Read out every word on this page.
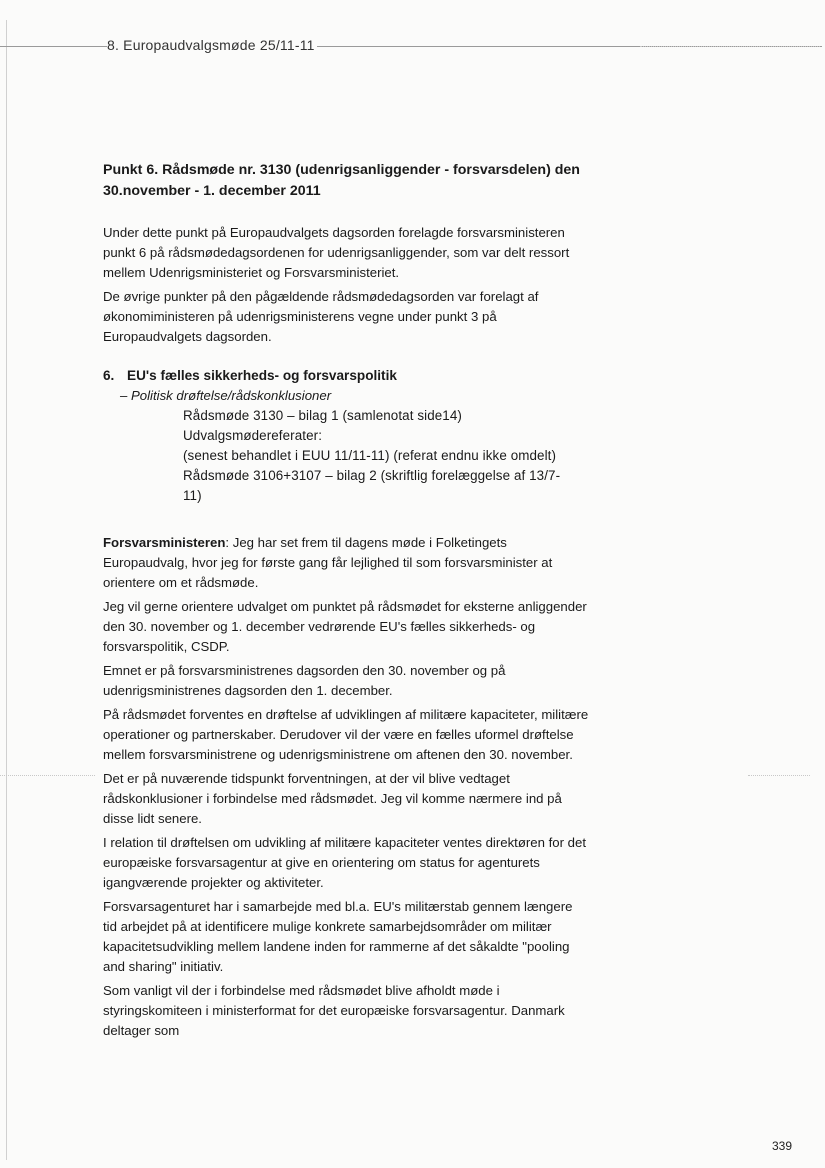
8. Europaudvalgsmøde 25/11-11
Punkt 6. Rådsmøde nr. 3130 (udenrigsanliggender - forsvarsdelen) den
30.november - 1. december 2011

Under dette punkt på Europaudvalgets dagsorden forelagde forsvarsministeren punkt 6 på rådsmødedagsordenen for udenrigsanliggender, som var delt ressort mellem Udenrigsministeriet og Forsvarsministeriet.

De øvrige punkter på den pågældende rådsmødedagsorden var forelagt af økonomiministeren på udenrigsministerens vegne under punkt 3 på Europaudvalgets dagsorden.

6. EU's fælles sikkerheds- og forsvarspolitik
– Politisk drøftelse/rådskonklusioner
Rådsmøde 3130 – bilag 1 (samlenotat side14)
Udvalgsmødereferater:
(senest behandlet i EUU 11/11-11) (referat endnu ikke omdelt)
Rådsmøde 3106+3107 – bilag 2 (skriftlig forelæggelse af 13/7-
11)

Forsvarsministeren: Jeg har set frem til dagens møde i Folketingets Europaudvalg, hvor jeg for første gang får lejlighed til som forsvarsminister at orientere om et rådsmøde.

Jeg vil gerne orientere udvalget om punktet på rådsmødet for eksterne anliggender den 30. november og 1. december vedrørende EU's fælles sikkerheds- og forsvarspolitik, CSDP.

Emnet er på forsvarsministrenes dagsorden den 30. november og på udenrigsministrenes dagsorden den 1. december.

På rådsmødet forventes en drøftelse af udviklingen af militære kapaciteter, militære operationer og partnerskaber. Derudover vil der være en fælles uformel drøftelse mellem forsvarsministrene og udenrigsministrene om aftenen den 30. november.

Det er på nuværende tidspunkt forventningen, at der vil blive vedtaget rådskonklusioner i forbindelse med rådsmødet. Jeg vil komme nærmere ind på disse lidt senere.

I relation til drøftelsen om udvikling af militære kapaciteter ventes direktøren for det europæiske forsvarsagentur at give en orientering om status for agenturets igangværende projekter og aktiviteter.

Forsvarsagenturet har i samarbejde med bl.a. EU's militærstab gennem længere tid arbejdet på at identificere mulige konkrete samarbejdsområder om militær kapacitetsudvikling mellem landene inden for rammerne af det såkaldte "pooling and sharing" initiativ.

Som vanligt vil der i forbindelse med rådsmødet blive afholdt møde i styringskomiteen i ministerformat for det europæiske forsvarsagentur. Danmark deltager som

339
